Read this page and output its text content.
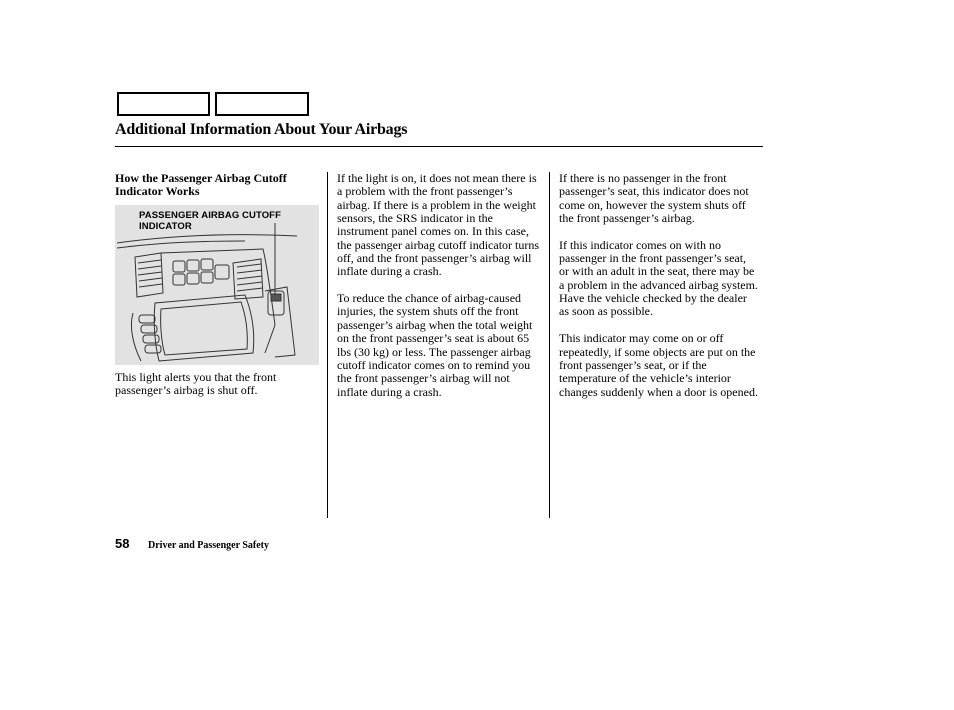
Additional Information About Your Airbags

How the Passenger Airbag Cutoff Indicator Works

PASSENGER AIRBAG CUTOFF
INDICATOR
This light alerts you that the front passenger’s airbag is shut off.

If the light is on, it does not mean there is a problem with the front passenger’s airbag. If there is a problem in the weight sensors, the SRS indicator in the instrument panel comes on. In this case, the passenger airbag cutoff indicator turns off, and the front passenger’s airbag will inflate during a crash.

To reduce the chance of airbag-caused injuries, the system shuts off the front passenger’s airbag when the total weight on the front passenger’s seat is about 65 lbs (30 kg) or less. The passenger airbag cutoff indicator comes on to remind you the front passenger’s airbag will not inflate during a crash.

If there is no passenger in the front passenger’s seat, this indicator does not come on, however the system shuts off the front passenger’s airbag.

If this indicator comes on with no passenger in the front passenger’s seat, or with an adult in the seat, there may be a problem in the advanced airbag system. Have the vehicle checked by the dealer as soon as possible.

This indicator may come on or off repeatedly, if some objects are put on the front passenger’s seat, or if the temperature of the vehicle’s interior changes suddenly when a door is opened.

58 Driver and Passenger Safety
